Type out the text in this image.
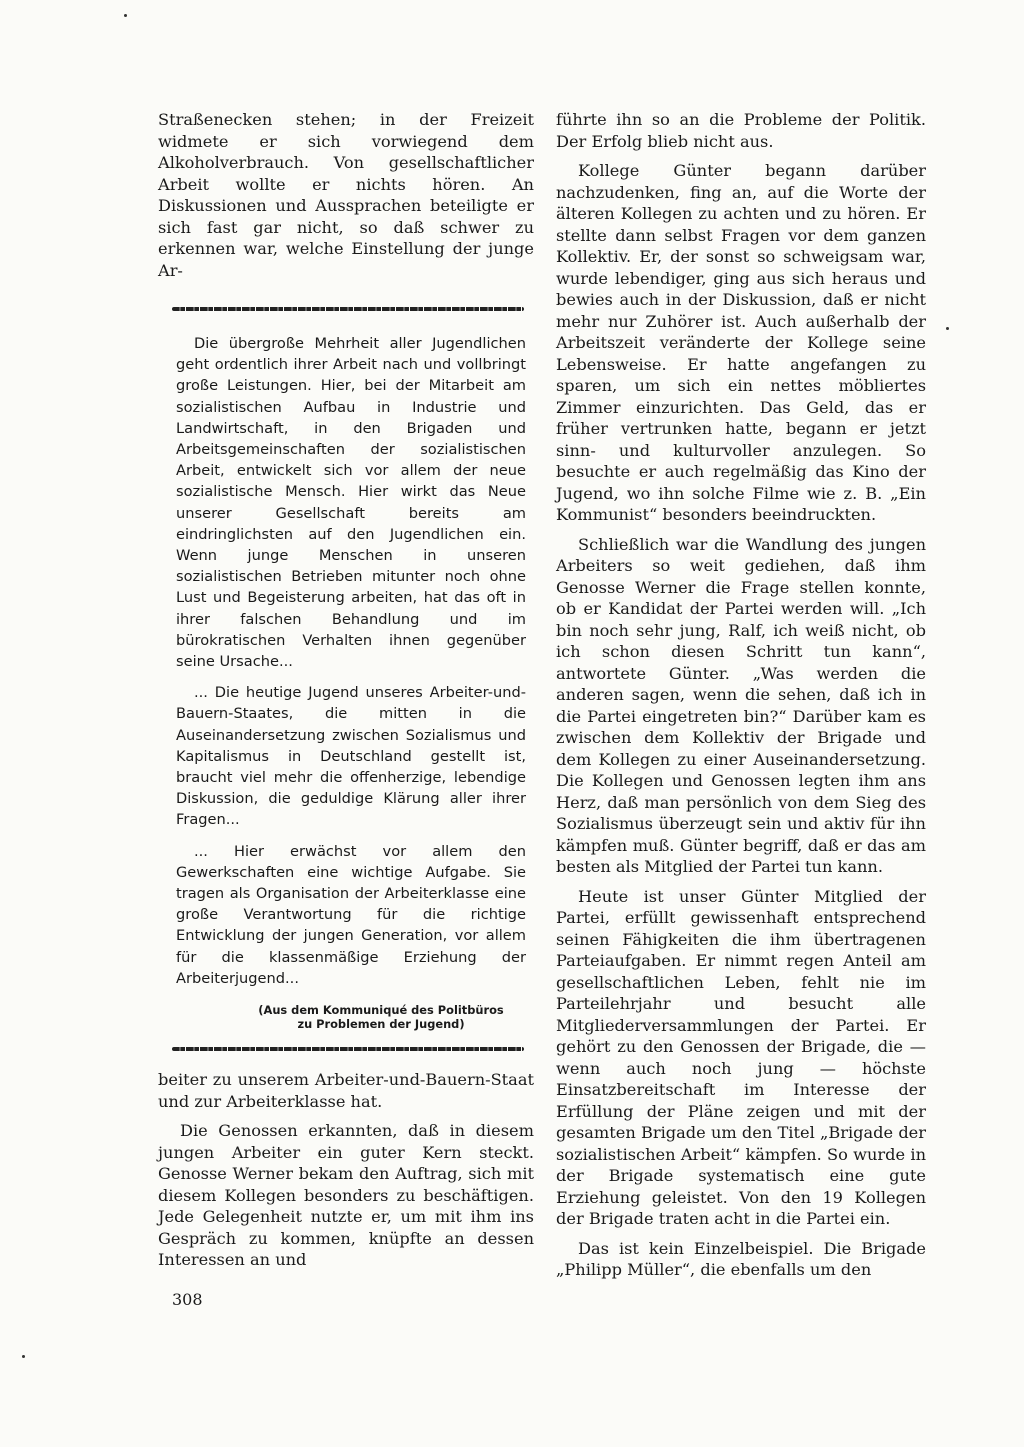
Straßenecken stehen; in der Freizeit widmete er sich vorwiegend dem Alkoholverbrauch. Von gesellschaftlicher Arbeit wollte er nichts hören. An Diskussionen und Aussprachen beteiligte er sich fast gar nicht, so daß schwer zu erkennen war, welche Einstellung der junge Ar-

Die übergroße Mehrheit aller Jugendlichen geht ordentlich ihrer Arbeit nach und vollbringt große Leistungen. Hier, bei der Mitarbeit am sozialistischen Aufbau in Industrie und Landwirtschaft, in den Brigaden und Arbeitsgemeinschaften der sozialistischen Arbeit, entwickelt sich vor allem der neue sozialistische Mensch. Hier wirkt das Neue unserer Gesellschaft bereits am eindringlichsten auf den Jugendlichen ein. Wenn junge Menschen in unseren sozialistischen Betrieben mitunter noch ohne Lust und Begeisterung arbeiten, hat das oft in ihrer falschen Behandlung und im bürokratischen Verhalten ihnen gegenüber seine Ursache...

... Die heutige Jugend unseres Arbeiter-und-Bauern-Staates, die mitten in die Auseinandersetzung zwischen Sozialismus und Kapitalismus in Deutschland gestellt ist, braucht viel mehr die offenherzige, lebendige Diskussion, die geduldige Klärung aller ihrer Fragen...

... Hier erwächst vor allem den Gewerkschaften eine wichtige Aufgabe. Sie tragen als Organisation der Arbeiterklasse eine große Verantwortung für die richtige Entwicklung der jungen Generation, vor allem für die klassenmäßige Erziehung der Arbeiterjugend...

(Aus dem Kommuniqué des Politbüros
zu Problemen der Jugend)

beiter zu unserem Arbeiter-und-Bauern-Staat und zur Arbeiterklasse hat.

Die Genossen erkannten, daß in diesem jungen Arbeiter ein guter Kern steckt. Genosse Werner bekam den Auftrag, sich mit diesem Kollegen besonders zu beschäftigen. Jede Gelegenheit nutzte er, um mit ihm ins Gespräch zu kommen, knüpfte an dessen Interessen an und

führte ihn so an die Probleme der Politik. Der Erfolg blieb nicht aus.

Kollege Günter begann darüber nachzudenken, fing an, auf die Worte der älteren Kollegen zu achten und zu hören. Er stellte dann selbst Fragen vor dem ganzen Kollektiv. Er, der sonst so schweigsam war, wurde lebendiger, ging aus sich heraus und bewies auch in der Diskussion, daß er nicht mehr nur Zuhörer ist. Auch außerhalb der Arbeitszeit veränderte der Kollege seine Lebensweise. Er hatte angefangen zu sparen, um sich ein nettes möbliertes Zimmer einzurichten. Das Geld, das er früher vertrunken hatte, begann er jetzt sinn- und kulturvoller anzulegen. So besuchte er auch regelmäßig das Kino der Jugend, wo ihn solche Filme wie z. B. „Ein Kommunist“ besonders beeindruckten.

Schließlich war die Wandlung des jungen Arbeiters so weit gediehen, daß ihm Genosse Werner die Frage stellen konnte, ob er Kandidat der Partei werden will. „Ich bin noch sehr jung, Ralf, ich weiß nicht, ob ich schon diesen Schritt tun kann“, antwortete Günter. „Was werden die anderen sagen, wenn die sehen, daß ich in die Partei eingetreten bin?“ Darüber kam es zwischen dem Kollektiv der Brigade und dem Kollegen zu einer Auseinandersetzung. Die Kollegen und Genossen legten ihm ans Herz, daß man persönlich von dem Sieg des Sozialismus überzeugt sein und aktiv für ihn kämpfen muß. Günter begriff, daß er das am besten als Mitglied der Partei tun kann.

Heute ist unser Günter Mitglied der Partei, erfüllt gewissenhaft entsprechend seinen Fähigkeiten die ihm übertragenen Parteiaufgaben. Er nimmt regen Anteil am gesellschaftlichen Leben, fehlt nie im Parteilehrjahr und besucht alle Mitgliederversammlungen der Partei. Er gehört zu den Genossen der Brigade, die — wenn auch noch jung — höchste Einsatzbereitschaft im Interesse der Erfüllung der Pläne zeigen und mit der gesamten Brigade um den Titel „Brigade der sozialistischen Arbeit“ kämpfen. So wurde in der Brigade systematisch eine gute Erziehung geleistet. Von den 19 Kollegen der Brigade traten acht in die Partei ein.

Das ist kein Einzelbeispiel. Die Brigade „Philipp Müller“, die ebenfalls um den

308
